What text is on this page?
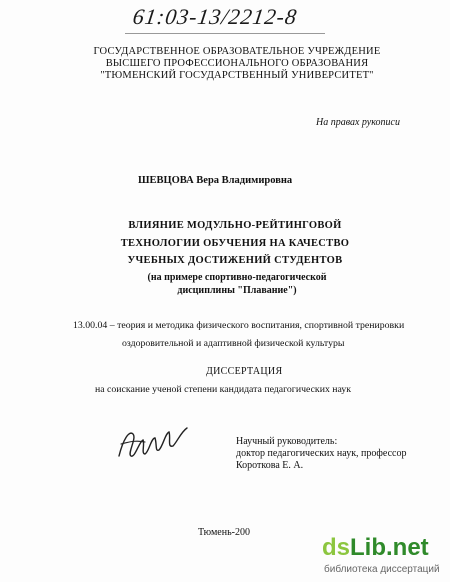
61:03-13/2212-8
ГОСУДАРСТВЕННОЕ ОБРАЗОВАТЕЛЬНОЕ УЧРЕЖДЕНИЕ
ВЫСШЕГО ПРОФЕССИОНАЛЬНОГО ОБРАЗОВАНИЯ
"ТЮМЕНСКИЙ ГОСУДАРСТВЕННЫЙ УНИВЕРСИТЕТ"
На правах рукописи
ШЕВЦОВА Вера Владимировна
ВЛИЯНИЕ МОДУЛЬНО-РЕЙТИНГОВОЙ
ТЕХНОЛОГИИ ОБУЧЕНИЯ НА КАЧЕСТВО
УЧЕБНЫХ ДОСТИЖЕНИЙ СТУДЕНТОВ
(на примере спортивно-педагогической
дисциплины "Плавание")
13.00.04 – теория и методика физического воспитания, спортивной тренировки
оздоровительной и адаптивной физической культуры
ДИССЕРТАЦИЯ
на соискание ученой степени кандидата педагогических наук
Научный руководитель:
доктор педагогических наук, профессор
Короткова Е. А.
Тюмень-200
dsLib.net
библиотека диссертаций
